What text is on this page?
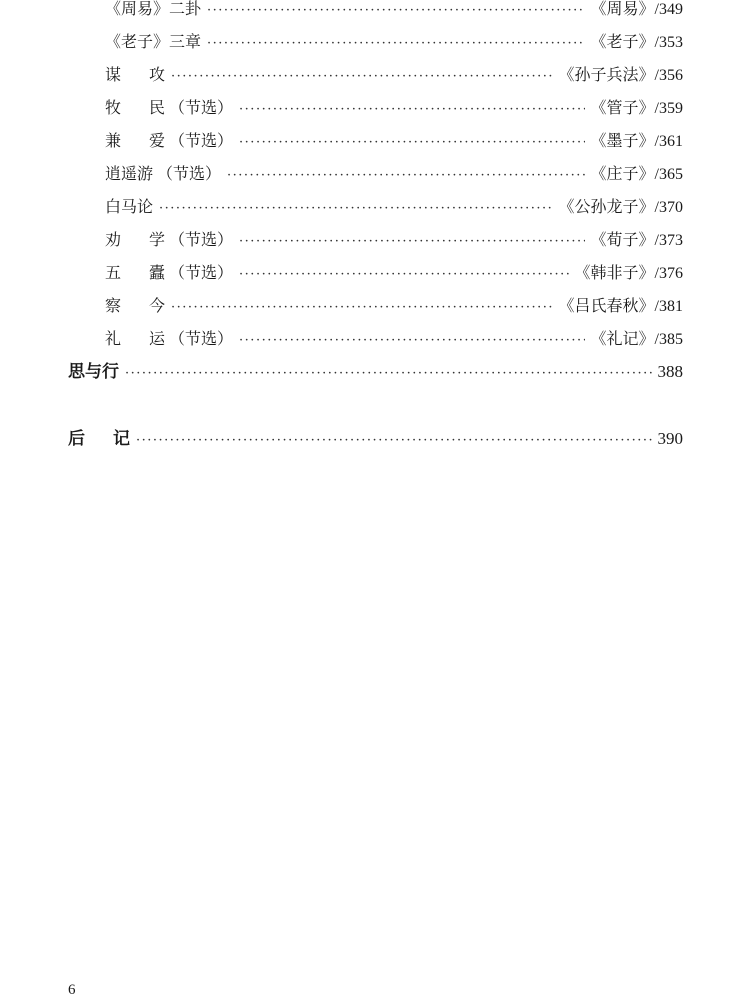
《周易》二卦 ·····	《周易》 /349
《老子》三章 ·····	《老子》 /353
谋 攻 ·····	《孙子兵法》 /356
牧 民 （节选） ·····	《管子》 /359
兼 爱 （节选） ·····	《墨子》 /361
逍遥游 （节选） ·····	《庄子》 /365
白马论 ·····	《公孙龙子》 /370
劝 学 （节选） ·····	《荀子》 /373
五 蠹 （节选） ·····	《韩非子》 /376
察 今 ·····	《吕氏春秋》 /381
礼 运 （节选） ·····	《礼记》 /385
思与行 ·····	388
后 记 ·····	390
6
